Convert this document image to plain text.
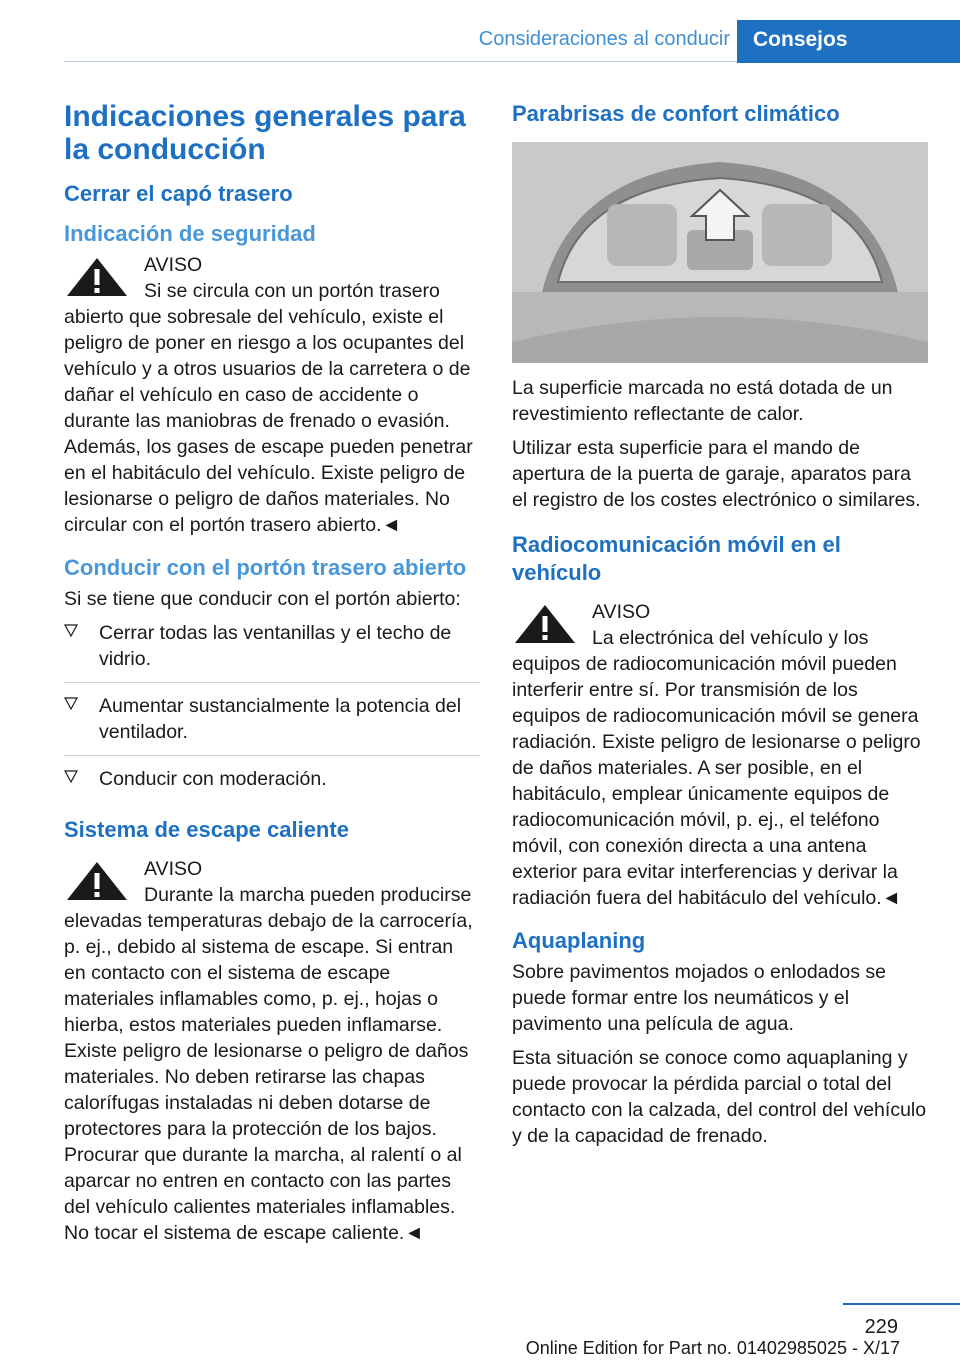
Consideraciones al conducir	Consejos
Indicaciones generales para la conducción
Cerrar el capó trasero
Indicación de seguridad
AVISO
Si se circula con un portón trasero abierto que sobresale del vehículo, existe el peligro de poner en riesgo a los ocupantes del vehículo y a otros usuarios de la carretera o de dañar el vehículo en caso de accidente o durante las maniobras de frenado o evasión. Además, los gases de escape pueden penetrar en el habitáculo del vehículo. Existe peligro de lesionarse o peligro de daños materiales. No circular con el portón trasero abierto.◄
Conducir con el portón trasero abierto

Si se tiene que conducir con el portón abierto:

Cerrar todas las ventanillas y el techo de vidrio.
Aumentar sustancialmente la potencia del ventilador.
Conducir con moderación.
Sistema de escape caliente
AVISO
Durante la marcha pueden producirse elevadas temperaturas debajo de la carrocería, p. ej., debido al sistema de escape. Si entran en contacto con el sistema de escape materiales inflamables como, p. ej., hojas o hierba, estos materiales pueden inflamarse. Existe peligro de lesionarse o peligro de daños materiales. No deben retirarse las chapas calorífugas instaladas ni deben dotarse de protectores para la protección de los bajos. Procurar que durante la marcha, al ralentí o al aparcar no entren en contacto con las partes del vehículo calientes materiales inflamables. No tocar el sistema de escape caliente.◄
Parabrisas de confort climático

La superficie marcada no está dotada de un revestimiento reflectante de calor.

Utilizar esta superficie para el mando de apertura de la puerta de garaje, aparatos para el registro de los costes electrónico o similares.

Radiocomunicación móvil en el vehículo
AVISO
La electrónica del vehículo y los equipos de radiocomunicación móvil pueden interferir entre sí. Por transmisión de los equipos de radiocomunicación móvil se genera radiación. Existe peligro de lesionarse o peligro de daños materiales. A ser posible, en el habitáculo, emplear únicamente equipos de radiocomunicación móvil, p. ej., el teléfono móvil, con conexión directa a una antena exterior para evitar interferencias y derivar la radiación fuera del habitáculo del vehículo.◄
Aquaplaning

Sobre pavimentos mojados o enlodados se puede formar entre los neumáticos y el pavimento una película de agua.

Esta situación se conoce como aquaplaning y puede provocar la pérdida parcial o total del contacto con la calzada, del control del vehículo y de la capacidad de frenado.

229
Online Edition for Part no. 01402985025 - X/17
